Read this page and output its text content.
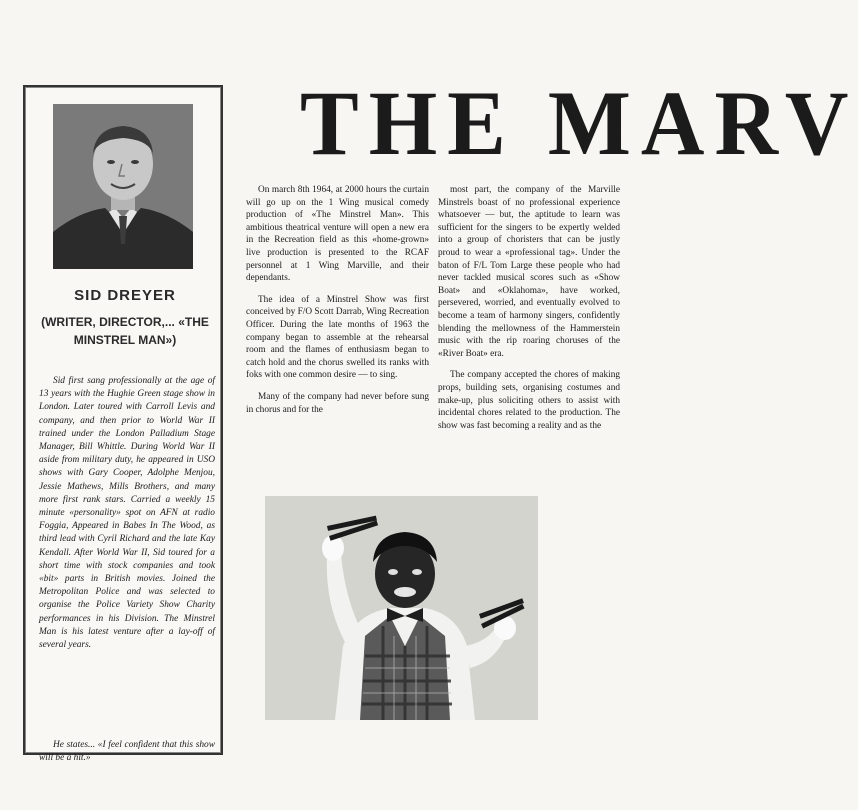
THE MARV
SID DREYER
(WRITER, DIRECTOR,... «THE MINSTREL MAN»)

Sid first sang professionally at the age of 13 years with the Hughie Green stage show in London. Later toured with Carroll Levis and company, and then prior to World War II trained under the London Palladium Stage Manager, Bill Whittle. During World War II aside from military duty, he appeared in USO shows with Gary Cooper, Adolphe Menjou, Jessie Mathews, Mills Brothers, and many more first rank stars. Carried a weekly 15 minute «personality» spot on AFN at radio Foggia, Appeared in Babes In The Wood, as third lead with Cyril Richard and the late Kay Kendall. After World War II, Sid toured for a short time with stock companies and took «bit» parts in British movies. Joined the Metropolitan Police and was selected to organise the Police Variety Show Charity performances in his Division. The Minstrel Man is his latest venture after a lay-off of several years.

He states... «I feel confident that this show will be a hit.»

On march 8th 1964, at 2000 hours the curtain will go up on the 1 Wing musical comedy production of «The Minstrel Man». This ambitious theatrical venture will open a new era in the Recreation field as this «home-grown» live production is presented to the RCAF personnel at 1 Wing Marville, and their dependants.

The idea of a Minstrel Show was first conceived by F/O Scott Darrab, Wing Recreation Officer. During the late months of 1963 the company began to assemble at the rehearsal room and the flames of enthusiasm began to catch hold and the chorus swelled its ranks with foks with one common desire — to sing.

Many of the company had never before sung in chorus and for the

most part, the company of the Marville Minstrels boast of no professional experience whatsoever — but, the aptitude to learn was sufficient for the singers to be expertly welded into a group of choristers that can be justly proud to wear a «professional tag». Under the baton of F/L Tom Large these people who had never tackled musical scores such as «Show Boat» and «Oklahoma», have worked, persevered, worried, and eventually evolved to become a team of harmony singers, confidently blending the mellowness of the Hammerstein music with the rip roaring choruses of the «River Boat» era.

The company accepted the chores of making props, building sets, organising costumes and make-up, plus soliciting others to assist with incidental chores related to the production. The show was fast becoming a reality and as the
